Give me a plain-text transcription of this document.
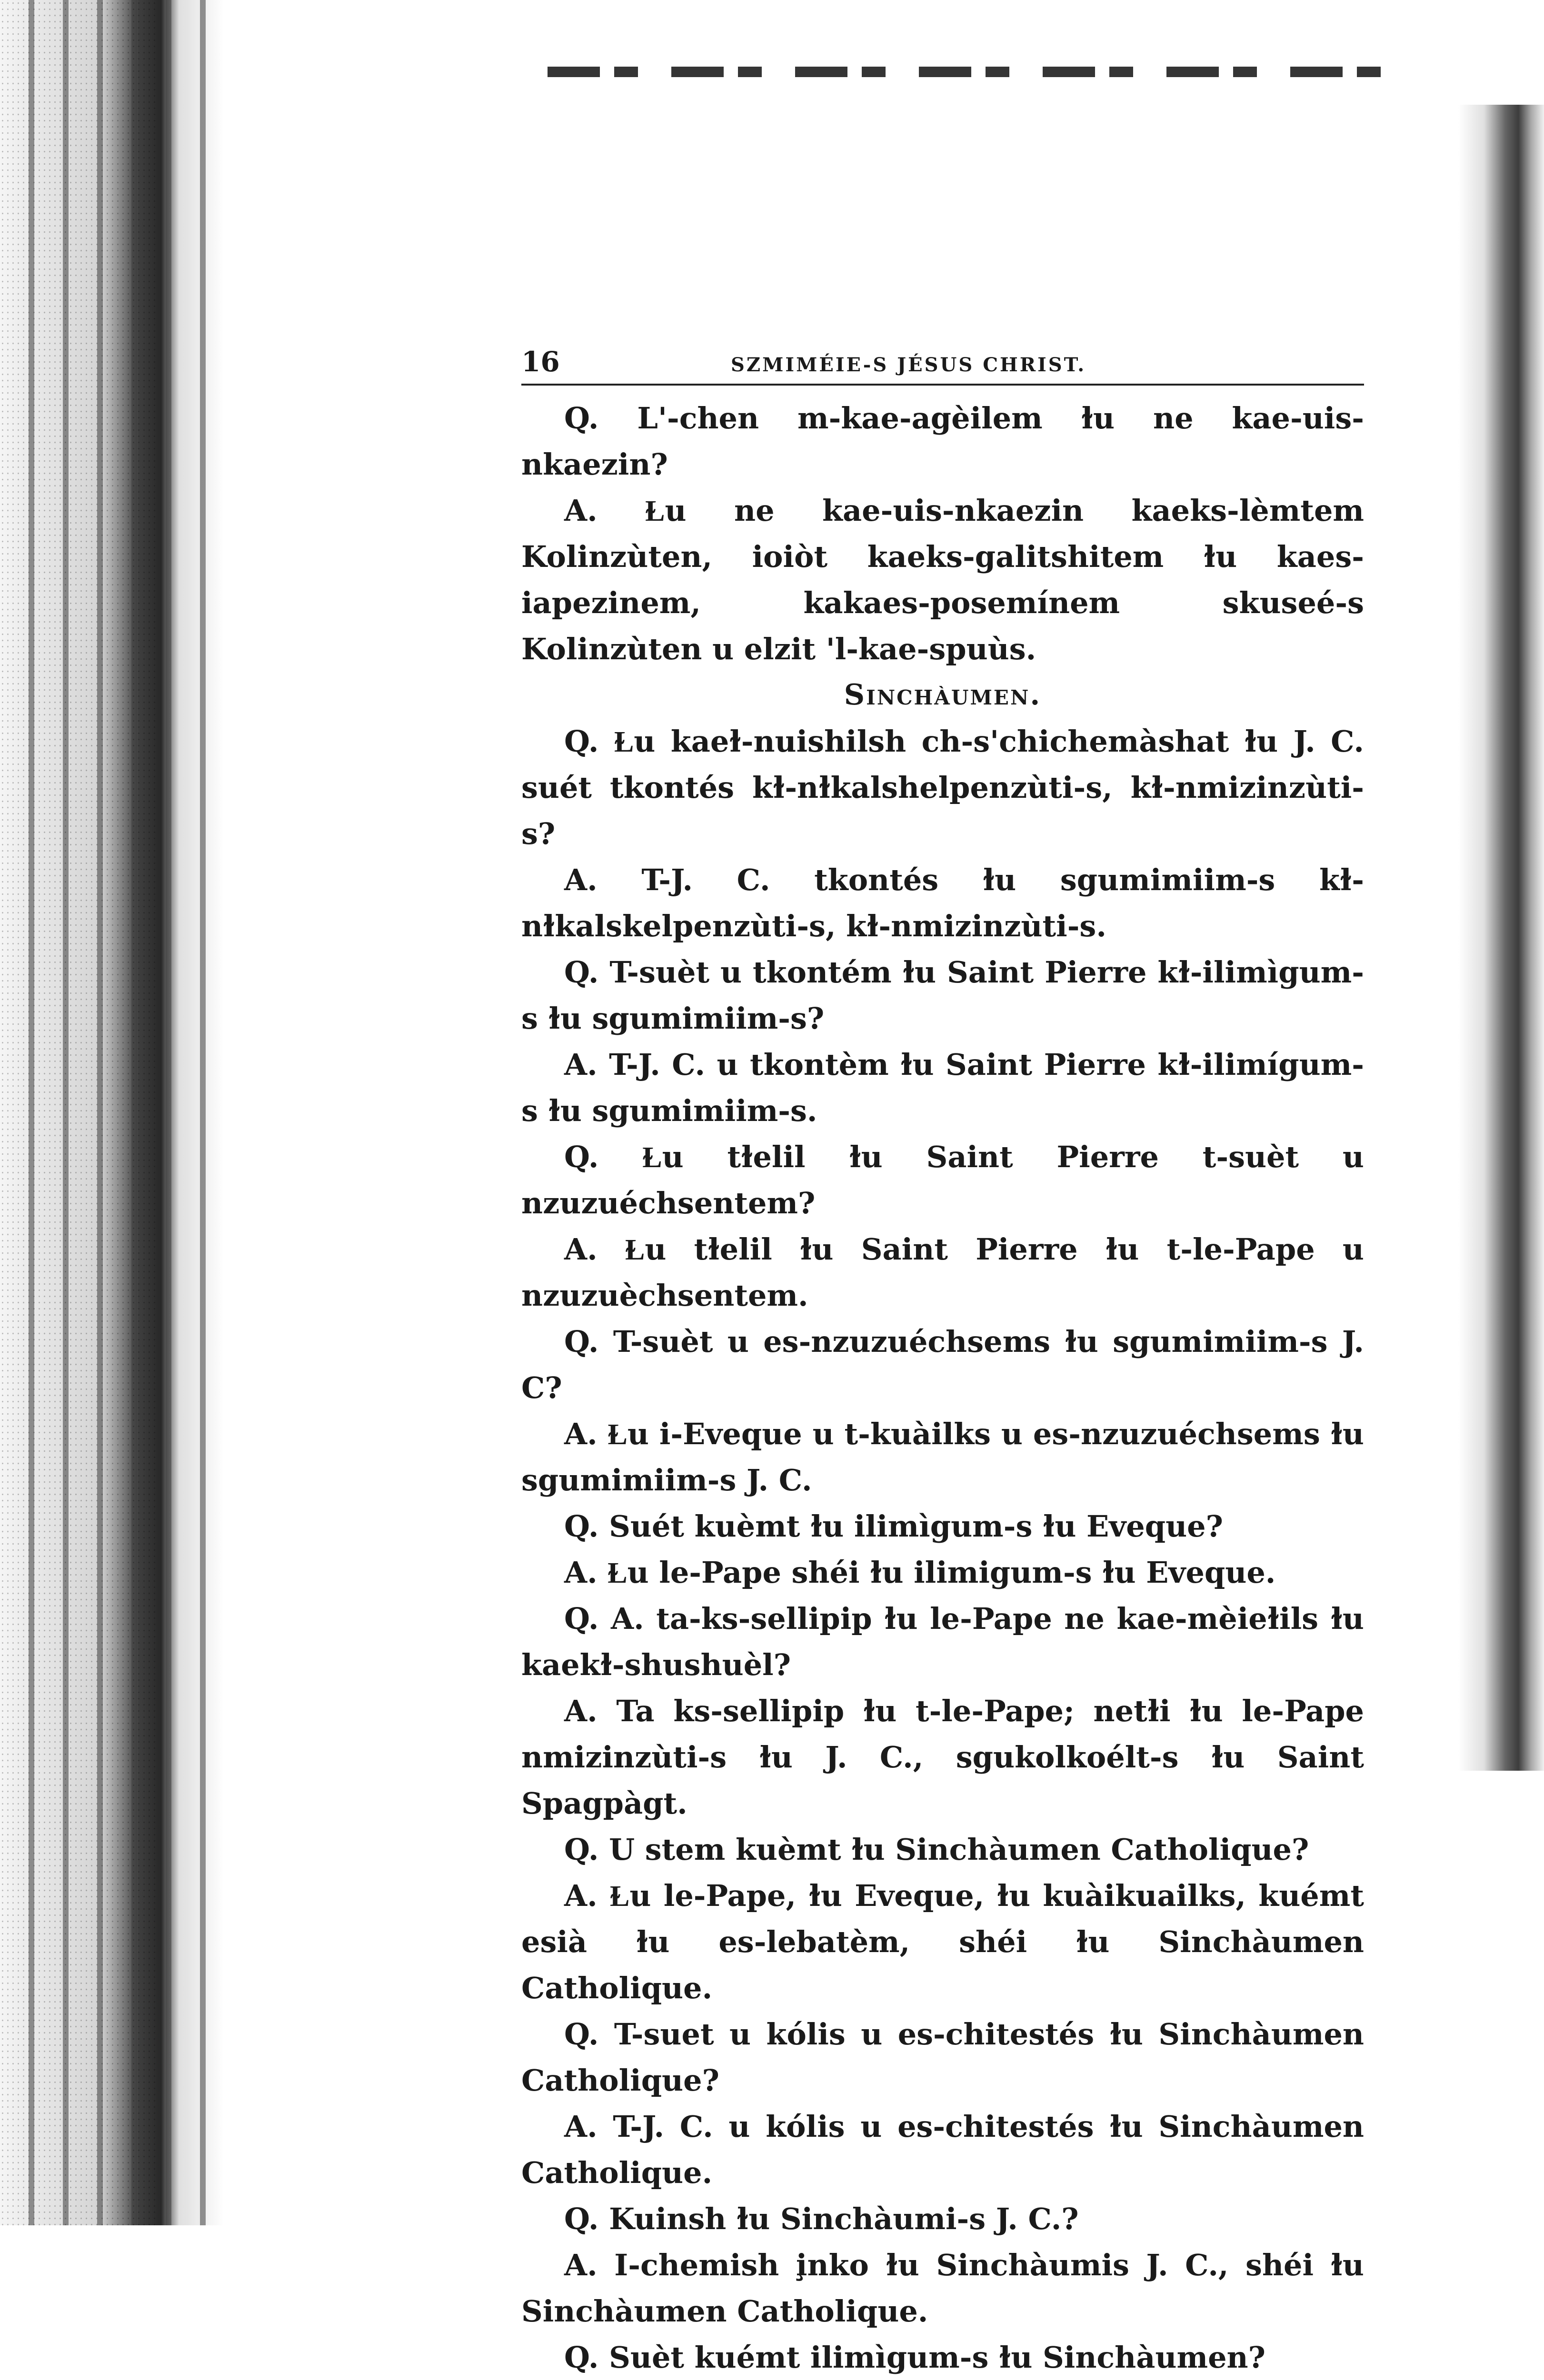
16	SZMIMÉIE-S JÉSUS CHRIST.

Q. L'-chen m-kae-agèilem ɫu ne kae-uis-nkaezin?

A. Ɫu ne kae-uis-nkaezin kaeks-lèmtem Kolinzùten, ioiòt kaeks-galitshitem ɫu kaes-iapezinem, kakaes-posemínem skuseé-s Kolinzùten u elzit 'l-kae-spuùs.

Sinchàumen.

Q. Ɫu kaeɫ-nuishilsh ch-s'chichemàshat ɫu J. C. suét tkontés kɫ-nɫkalshelpenzùti-s, kɫ-nmizinzùti-s?

A. T-J. C. tkontés ɫu sgumimiim-s kɫ-nɫkalskelpenzùti-s, kɫ-nmizinzùti-s.

Q. T-suèt u tkontém ɫu Saint Pierre kɫ-ilimìgum-s ɫu sgumimiim-s?

A. T-J. C. u tkontèm ɫu Saint Pierre kɫ-ilimígum-s ɫu sgumimiim-s.

Q. Ɫu tɫelil ɫu Saint Pierre t-suèt u nzuzuéchsentem?

A. Ɫu tɫelil ɫu Saint Pierre ɫu t-le-Pape u nzuzuèchsentem.

Q. T-suèt u es-nzuzuéchsems ɫu sgumimiim-s J. C?

A. Ɫu i-Eveque u t-kuàilks u es-nzuzuéchsems ɫu sgumimiim-s J. C.

Q. Suét kuèmt ɫu ilimìgum-s ɫu Eveque?

A. Ɫu le-Pape shéi ɫu ilimigum-s ɫu Eveque.

Q. A. ta-ks-sellipip ɫu le-Pape ne kae-mèieɫils ɫu kaekɫ-shushuèl?

A. Ta ks-sellipip ɫu t-le-Pape; netɫi ɫu le-Pape nmizinzùti-s ɫu J. C., sgukolkoélt-s ɫu Saint Spagpàgt.

Q. U stem kuèmt ɫu Sinchàumen Catholique?

A. Ɫu le-Pape, ɫu Eveque, ɫu kuàikuailks, kuémt esià ɫu es-lebatèm, shéi ɫu Sinchàumen Catholique.

Q. T-suet u kólis u es-chitestés ɫu Sinchàumen Catholique?

A. T-J. C. u kólis u es-chitestés ɫu Sinchàumen Catholique.

Q. Kuinsh ɫu Sinchàumi-s J. C.?

A. I-chemish i̧nko ɫu Sinchàumis J. C., shéi ɫu Sinchàumen Catholique.

Q. Suèt kuémt ilimìgum-s ɫu Sinchàumen?
